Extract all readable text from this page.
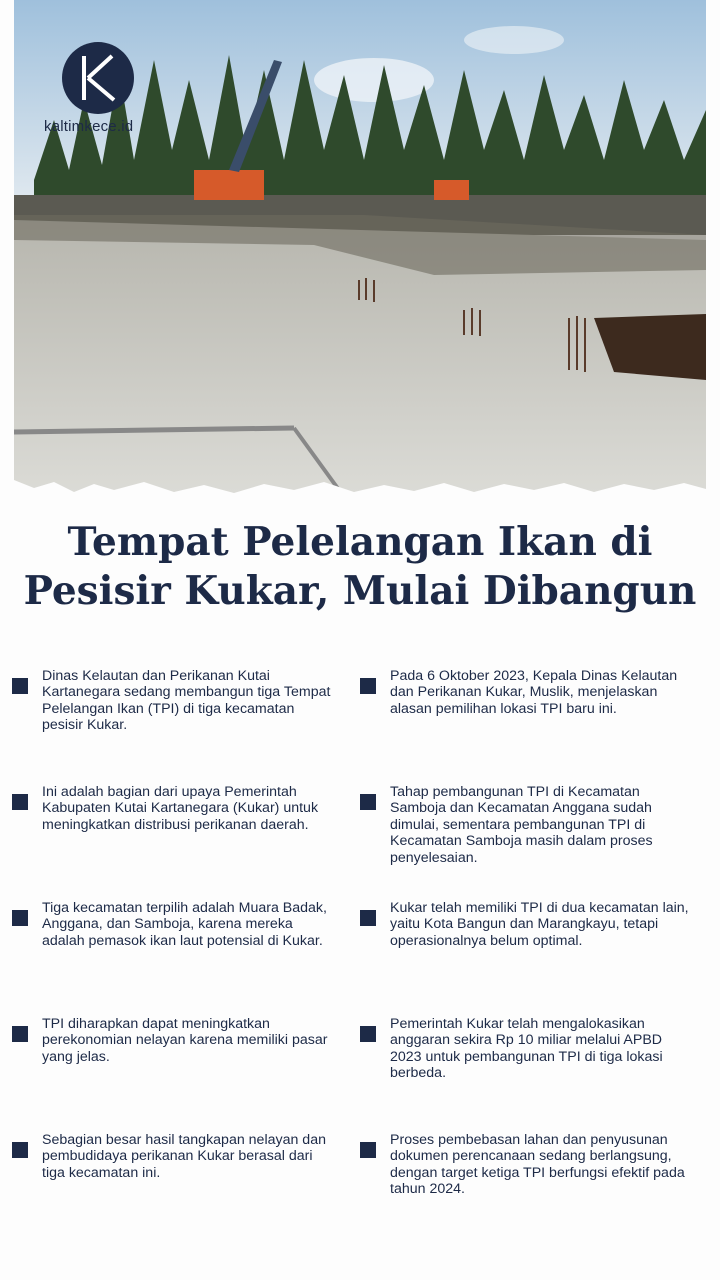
kaltimkece.id
Tempat Pelelangan Ikan di
Pesisir Kukar, Mulai Dibangun
Dinas Kelautan dan Perikanan Kutai Kartanegara sedang membangun tiga Tempat Pelelangan Ikan (TPI) di tiga kecamatan pesisir Kukar.
Ini adalah bagian dari upaya Pemerintah Kabupaten Kutai Kartanegara (Kukar) untuk meningkatkan distribusi perikanan daerah.
Tiga kecamatan terpilih adalah Muara Badak, Anggana, dan Samboja, karena mereka adalah pemasok ikan laut potensial di Kukar.
TPI diharapkan dapat meningkatkan perekonomian nelayan karena memiliki pasar yang jelas.
Sebagian besar hasil tangkapan nelayan dan pembudidaya perikanan Kukar berasal dari tiga kecamatan ini.
Pada 6 Oktober 2023, Kepala Dinas Kelautan dan Perikanan Kukar, Muslik, menjelaskan alasan pemilihan lokasi TPI baru ini.
Tahap pembangunan TPI di Kecamatan Samboja dan Kecamatan Anggana sudah dimulai, sementara pembangunan TPI di Kecamatan Samboja masih dalam proses penyelesaian.
Kukar telah memiliki TPI di dua kecamatan lain, yaitu Kota Bangun dan Marangkayu, tetapi operasionalnya belum optimal.
Pemerintah Kukar telah mengalokasikan anggaran sekira Rp 10 miliar melalui APBD 2023 untuk pembangunan TPI di tiga lokasi berbeda.
Proses pembebasan lahan dan penyusunan dokumen perencanaan sedang berlangsung, dengan target ketiga TPI berfungsi efektif pada tahun 2024.
